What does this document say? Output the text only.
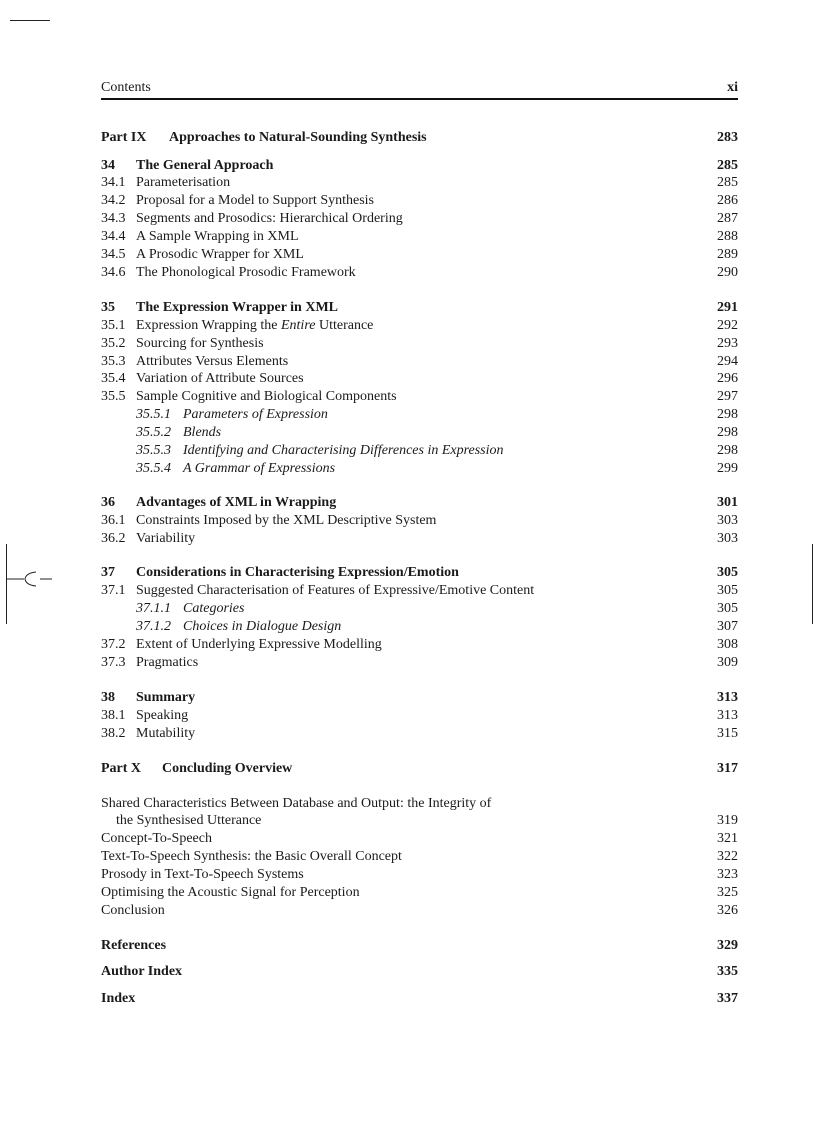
Contents	xi
Part IX Approaches to Natural-Sounding Synthesis	283
34 The General Approach	285
34.1 Parameterisation	285
34.2 Proposal for a Model to Support Synthesis	286
34.3 Segments and Prosodics: Hierarchical Ordering	287
34.4 A Sample Wrapping in XML	288
34.5 A Prosodic Wrapper for XML	289
34.6 The Phonological Prosodic Framework	290
35 The Expression Wrapper in XML	291
35.1 Expression Wrapping the Entire Utterance	292
35.2 Sourcing for Synthesis	293
35.3 Attributes Versus Elements	294
35.4 Variation of Attribute Sources	296
35.5 Sample Cognitive and Biological Components	297
35.5.1 Parameters of Expression	298
35.5.2 Blends	298
35.5.3 Identifying and Characterising Differences in Expression	298
35.5.4 A Grammar of Expressions	299
36 Advantages of XML in Wrapping	301
36.1 Constraints Imposed by the XML Descriptive System	303
36.2 Variability	303
37 Considerations in Characterising Expression/Emotion	305
37.1 Suggested Characterisation of Features of Expressive/Emotive Content	305
37.1.1 Categories	305
37.1.2 Choices in Dialogue Design	307
37.2 Extent of Underlying Expressive Modelling	308
37.3 Pragmatics	309
38 Summary	313
38.1 Speaking	313
38.2 Mutability	315
Part X Concluding Overview	317
Shared Characteristics Between Database and Output: the Integrity of
the Synthesised Utterance	319
Concept-To-Speech	321
Text-To-Speech Synthesis: the Basic Overall Concept	322
Prosody in Text-To-Speech Systems	323
Optimising the Acoustic Signal for Perception	325
Conclusion	326
References	329
Author Index	335
Index	337
